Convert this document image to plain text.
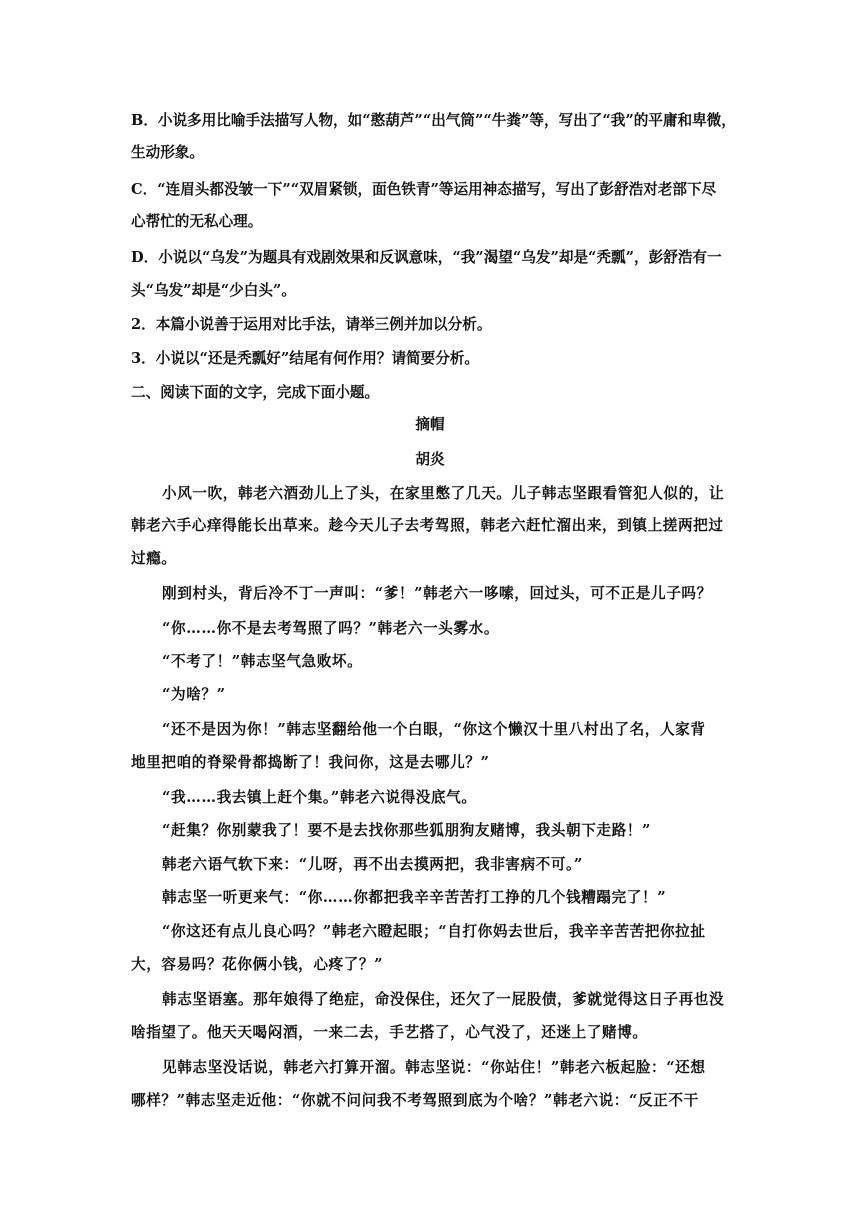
B．小说多用比喻手法描写人物，如“憨葫芦”“出气筒”“牛粪”等，写出了“我”的平庸和卑微，
生动形象。
C．“连眉头都没皱一下”“双眉紧锁，面色铁青”等运用神态描写，写出了彭舒浩对老部下尽
心帮忙的无私心理。
D．小说以“乌发”为题具有戏剧效果和反讽意味，“我”渴望“乌发”却是“秃瓢”，彭舒浩有一
头“乌发”却是“少白头”。
2．本篇小说善于运用对比手法，请举三例并加以分析。
3．小说以“还是秃瓢好”结尾有何作用？请简要分析。
二、阅读下面的文字，完成下面小题。
摘帽
胡炎
小风一吹，韩老六酒劲儿上了头，在家里憋了几天。儿子韩志坚跟看管犯人似的，让
韩老六手心痒得能长出草来。趁今天儿子去考驾照，韩老六赶忙溜出来，到镇上搓两把过
过瘾。
刚到村头，背后冷不丁一声叫：“爹！”韩老六一哆嗦，回过头，可不正是儿子吗？
“你……你不是去考驾照了吗？”韩老六一头雾水。
“不考了！”韩志坚气急败坏。
“为啥？”
“还不是因为你！”韩志坚翻给他一个白眼，“你这个懒汉十里八村出了名，人家背
地里把咱的脊梁骨都捣断了！我问你，这是去哪儿？”
“我……我去镇上赶个集。”韩老六说得没底气。
“赶集？你别蒙我了！要不是去找你那些狐朋狗友赌博，我头朝下走路！”
韩老六语气软下来：“儿呀，再不出去摸两把，我非害病不可。”
韩志坚一听更来气：“你……你都把我辛辛苦苦打工挣的几个钱糟蹋完了！”
“你这还有点儿良心吗？”韩老六瞪起眼；“自打你妈去世后，我辛辛苦苦把你拉扯
大，容易吗？花你俩小钱，心疼了？”
韩志坚语塞。那年娘得了绝症，命没保住，还欠了一屁股债，爹就觉得这日子再也没
啥指望了。他天天喝闷酒，一来二去，手艺搭了，心气没了，还迷上了赌博。
见韩志坚没话说，韩老六打算开溜。韩志坚说：“你站住！”韩老六板起脸：“还想
哪样？”韩志坚走近他：“你就不问问我不考驾照到底为个啥？”韩老六说：“反正不干
